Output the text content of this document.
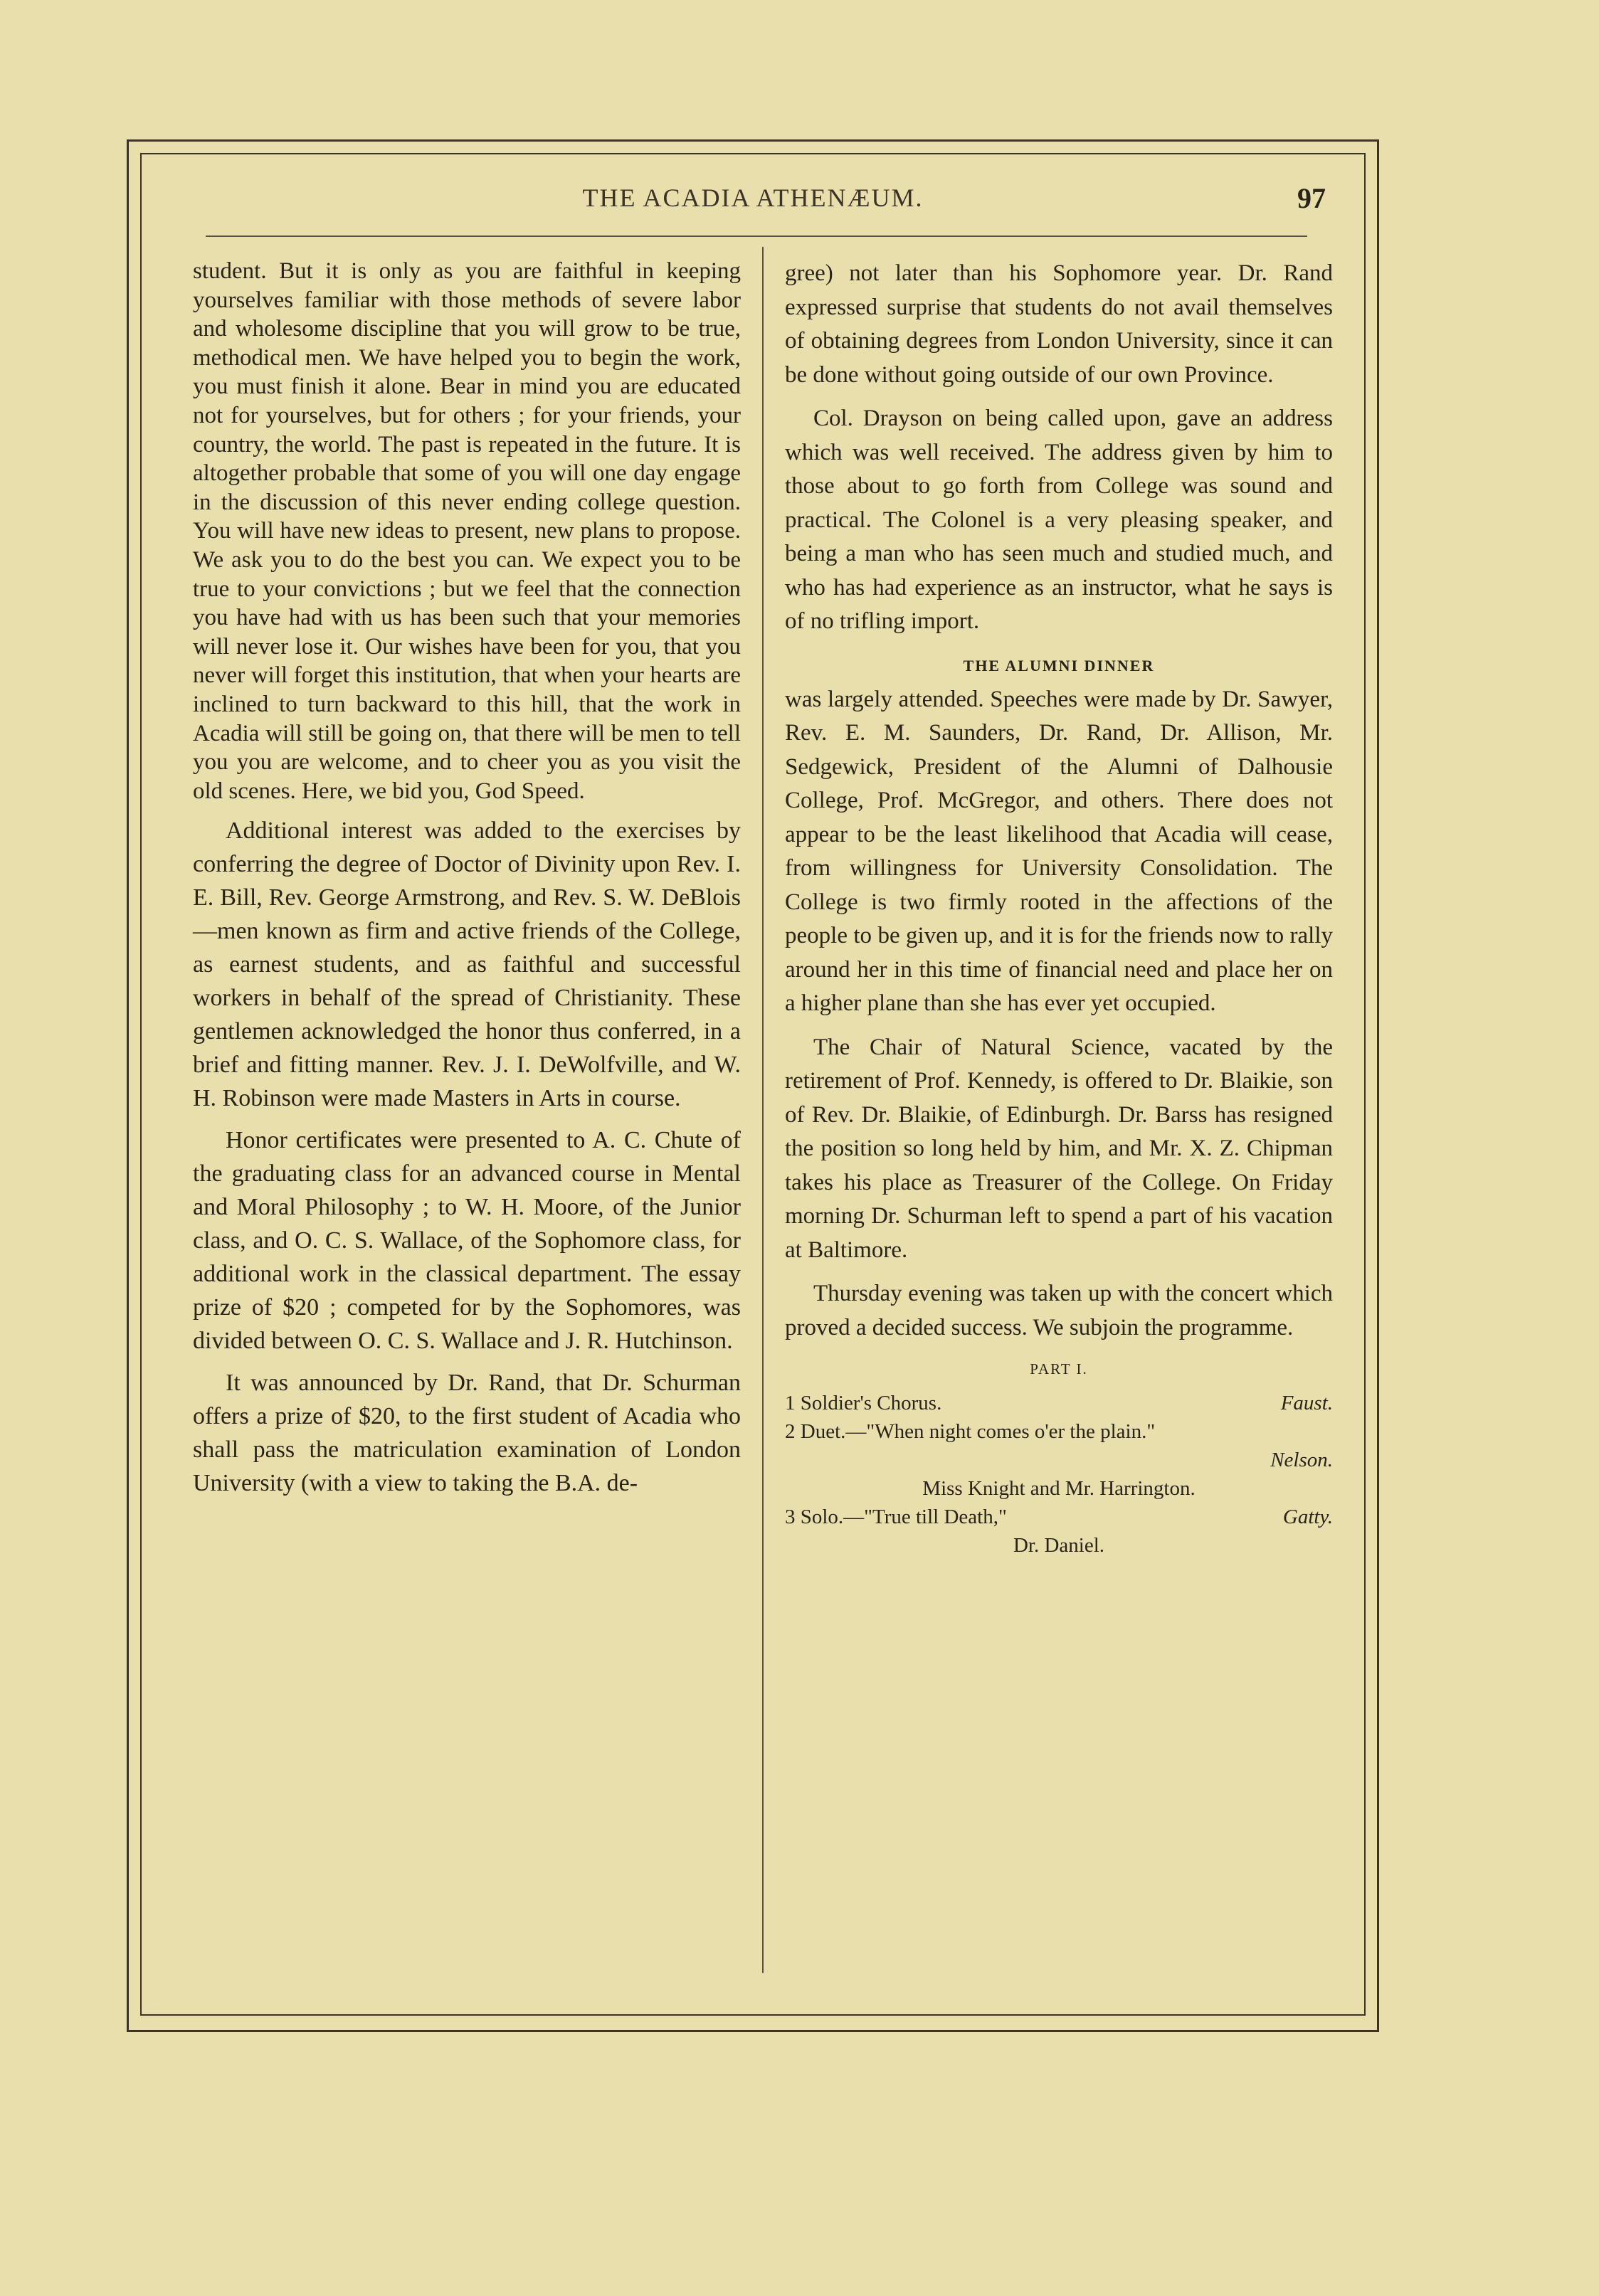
THE ACADIA ATHENÆUM.	97

student. But it is only as you are faithful in keeping yourselves familiar with those methods of severe labor and wholesome discipline that you will grow to be true, methodical men. We have helped you to begin the work, you must finish it alone. Bear in mind you are educated not for yourselves, but for others ; for your friends, your country, the world. The past is repeated in the future. It is altogether probable that some of you will one day engage in the discussion of this never ending college question. You will have new ideas to present, new plans to propose. We ask you to do the best you can. We expect you to be true to your convictions ; but we feel that the connection you have had with us has been such that your memories will never lose it. Our wishes have been for you, that you never will forget this institution, that when your hearts are inclined to turn backward to this hill, that the work in Acadia will still be going on, that there will be men to tell you you are welcome, and to cheer you as you visit the old scenes. Here, we bid you, God Speed.

Additional interest was added to the exercises by conferring the degree of Doctor of Divinity upon Rev. I. E. Bill, Rev. George Armstrong, and Rev. S. W. DeBlois—men known as firm and active friends of the College, as earnest students, and as faithful and successful workers in behalf of the spread of Christianity. These gentlemen acknowledged the honor thus conferred, in a brief and fitting manner. Rev. J. I. DeWolfville, and W. H. Robinson were made Masters in Arts in course.

Honor certificates were presented to A. C. Chute of the graduating class for an advanced course in Mental and Moral Philosophy ; to W. H. Moore, of the Junior class, and O. C. S. Wallace, of the Sophomore class, for additional work in the classical department. The essay prize of $20 ; competed for by the Sophomores, was divided between O. C. S. Wallace and J. R. Hutchinson.

It was announced by Dr. Rand, that Dr. Schurman offers a prize of $20, to the first student of Acadia who shall pass the matriculation examination of London University (with a view to taking the B.A. de-

gree) not later than his Sophomore year. Dr. Rand expressed surprise that students do not avail themselves of obtaining degrees from London University, since it can be done without going outside of our own Province.

Col. Drayson on being called upon, gave an address which was well received. The address given by him to those about to go forth from College was sound and practical. The Colonel is a very pleasing speaker, and being a man who has seen much and studied much, and who has had experience as an instructor, what he says is of no trifling import.

THE ALUMNI DINNER

was largely attended. Speeches were made by Dr. Sawyer, Rev. E. M. Saunders, Dr. Rand, Dr. Allison, Mr. Sedgewick, President of the Alumni of Dalhousie College, Prof. McGregor, and others. There does not appear to be the least likelihood that Acadia will cease, from willingness for University Consolidation. The College is two firmly rooted in the affections of the people to be given up, and it is for the friends now to rally around her in this time of financial need and place her on a higher plane than she has ever yet occupied.

The Chair of Natural Science, vacated by the retirement of Prof. Kennedy, is offered to Dr. Blaikie, son of Rev. Dr. Blaikie, of Edinburgh. Dr. Barss has resigned the position so long held by him, and Mr. X. Z. Chipman takes his place as Treasurer of the College. On Friday morning Dr. Schurman left to spend a part of his vacation at Baltimore.

Thursday evening was taken up with the concert which proved a decided success. We subjoin the programme.

PART I.
1 Soldier's Chorus.	Faust.
2 Duet.—"When night comes o'er the plain."
Nelson.
Miss Knight and Mr. Harrington.
3 Solo.—"True till Death,"	Gatty.
Dr. Daniel.
